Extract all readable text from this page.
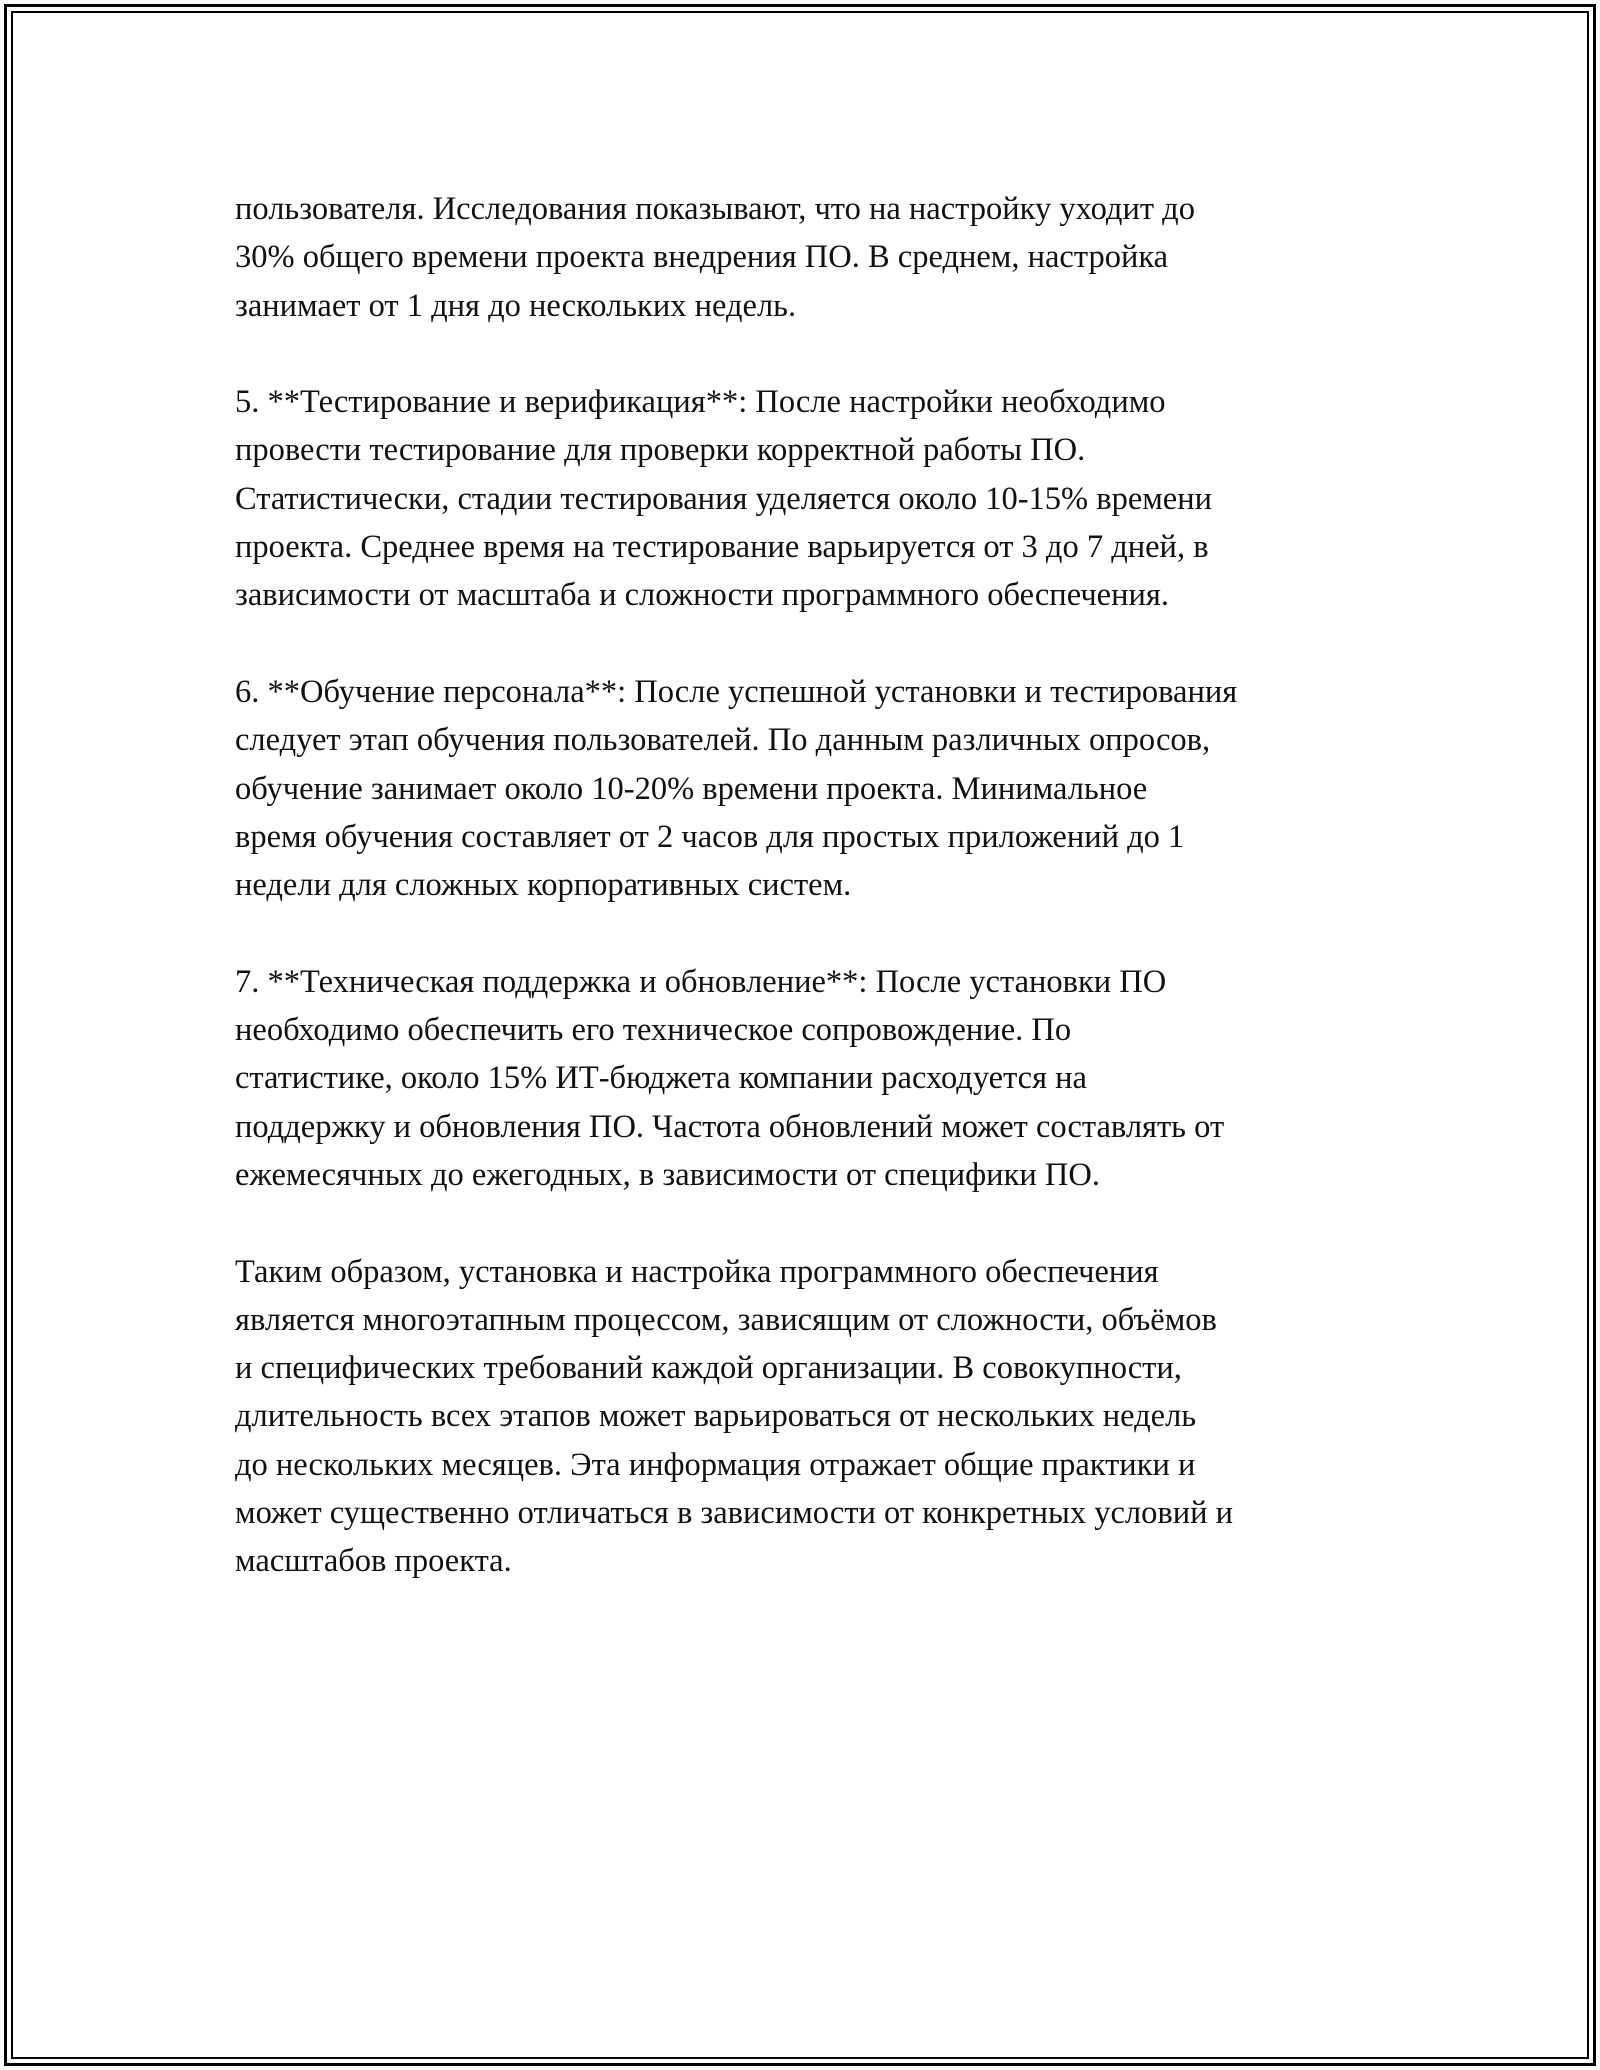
пользователя. Исследования показывают, что на настройку уходит до
30% общего времени проекта внедрения ПО. В среднем, настройка
занимает от 1 дня до нескольких недель.
5. **Тестирование и верификация**: После настройки необходимо
провести тестирование для проверки корректной работы ПО.
Статистически, стадии тестирования уделяется около 10-15% времени
проекта. Среднее время на тестирование варьируется от 3 до 7 дней, в
зависимости от масштаба и сложности программного обеспечения.
6. **Обучение персонала**: После успешной установки и тестирования
следует этап обучения пользователей. По данным различных опросов,
обучение занимает около 10-20% времени проекта. Минимальное
время обучения составляет от 2 часов для простых приложений до 1
недели для сложных корпоративных систем.
7. **Техническая поддержка и обновление**: После установки ПО
необходимо обеспечить его техническое сопровождение. По
статистике, около 15% ИТ-бюджета компании расходуется на
поддержку и обновления ПО. Частота обновлений может составлять от
ежемесячных до ежегодных, в зависимости от специфики ПО.
Таким образом, установка и настройка программного обеспечения
является многоэтапным процессом, зависящим от сложности, объёмов
и специфических требований каждой организации. В совокупности,
длительность всех этапов может варьироваться от нескольких недель
до нескольких месяцев. Эта информация отражает общие практики и
может существенно отличаться в зависимости от конкретных условий и
масштабов проекта.
